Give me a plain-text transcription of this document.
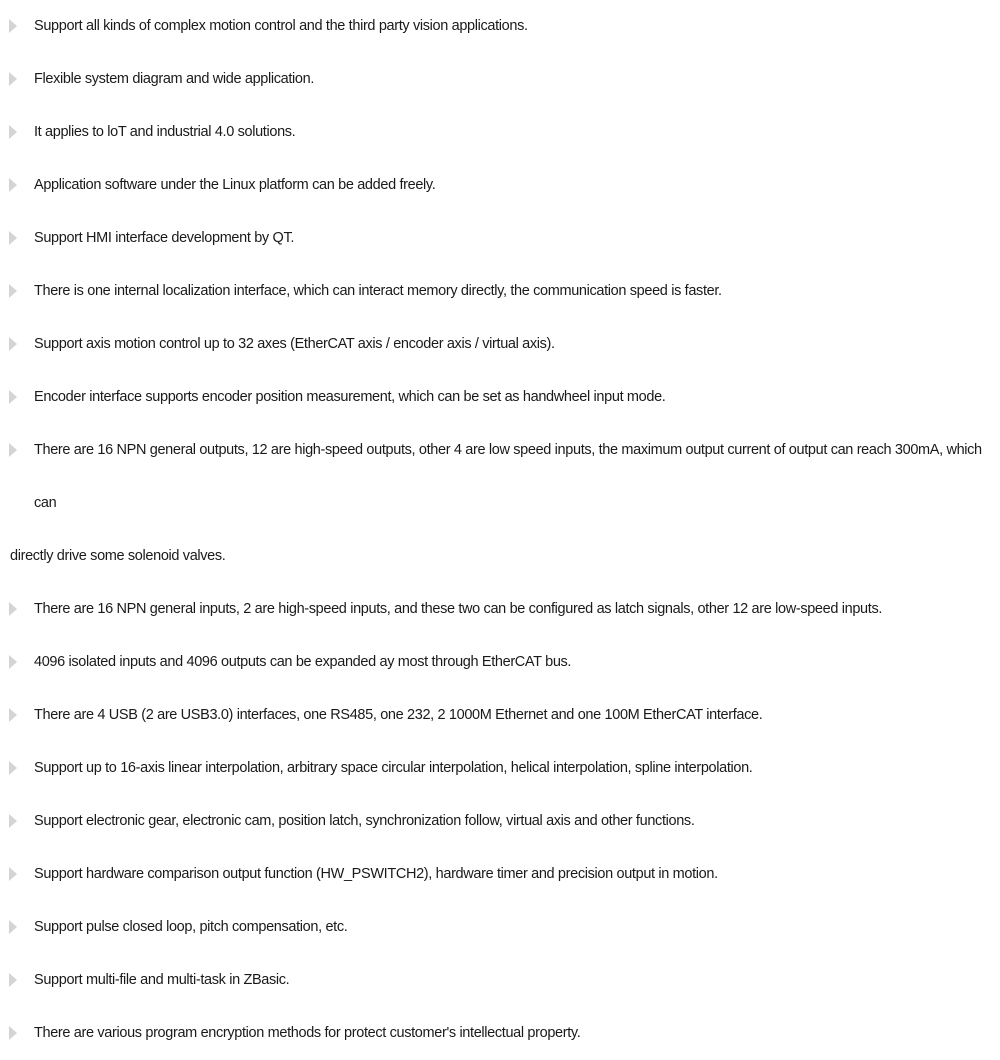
Support all kinds of complex motion control and the third party vision applications.
Flexible system diagram and wide application.
It applies to loT and industrial 4.0 solutions.
Application software under the Linux platform can be added freely.
Support HMI interface development by QT.
There is one internal localization interface, which can interact memory directly, the communication speed is faster.
Support axis motion control up to 32 axes (EtherCAT axis / encoder axis / virtual axis).
Encoder interface supports encoder position measurement, which can be set as handwheel input mode.
There are 16 NPN general outputs, 12 are high-speed outputs, other 4 are low speed inputs, the maximum output current of output can reach 300mA, which can
directly drive some solenoid valves.
There are 16 NPN general inputs, 2 are high-speed inputs, and these two can be configured as latch signals, other 12 are low-speed inputs.
4096 isolated inputs and 4096 outputs can be expanded ay most through EtherCAT bus.
There are 4 USB (2 are USB3.0) interfaces, one RS485, one 232, 2 1000M Ethernet and one 100M EtherCAT interface.
Support up to 16-axis linear interpolation, arbitrary space circular interpolation, helical interpolation, spline interpolation.
Support electronic gear, electronic cam, position latch, synchronization follow, virtual axis and other functions.
Support hardware comparison output function (HW_PSWITCH2), hardware timer and precision output in motion.
Support pulse closed loop, pitch compensation, etc.
Support multi-file and multi-task in ZBasic.
There are various program encryption methods for protect customer's intellectual property.
